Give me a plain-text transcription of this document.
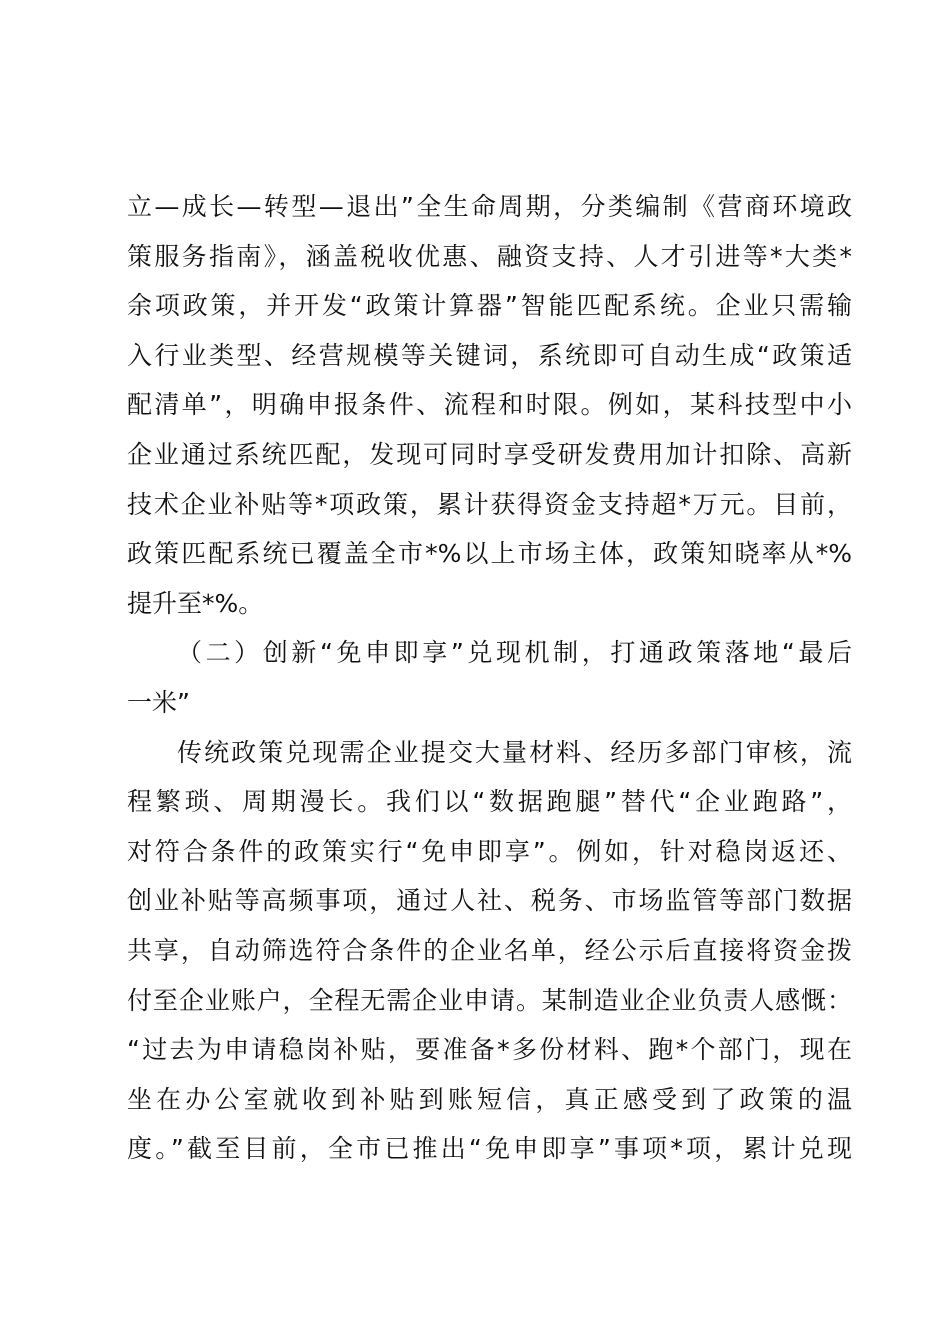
立—成长—转型—退出”全生命周期，分类编制《营商环境政
策服务指南》，涵盖税收优惠、融资支持、人才引进等*大类*
余项政策，并开发“政策计算器”智能匹配系统。企业只需输
入行业类型、经营规模等关键词，系统即可自动生成“政策适
配清单”，明确申报条件、流程和时限。例如，某科技型中小
企业通过系统匹配，发现可同时享受研发费用加计扣除、高新
技术企业补贴等*项政策，累计获得资金支持超*万元。目前，
政策匹配系统已覆盖全市*%以上市场主体，政策知晓率从*%
提升至*%。
（二）创新“免申即享”兑现机制，打通政策落地“最后
一米”
传统政策兑现需企业提交大量材料、经历多部门审核，流
程繁琐、周期漫长。我们以“数据跑腿”替代“企业跑路”，
对符合条件的政策实行“免申即享”。例如，针对稳岗返还、
创业补贴等高频事项，通过人社、税务、市场监管等部门数据
共享，自动筛选符合条件的企业名单，经公示后直接将资金拨
付至企业账户，全程无需企业申请。某制造业企业负责人感慨：
“过去为申请稳岗补贴，要准备*多份材料、跑*个部门，现在
坐在办公室就收到补贴到账短信，真正感受到了政策的温
度。”截至目前，全市已推出“免申即享”事项*项，累计兑现
